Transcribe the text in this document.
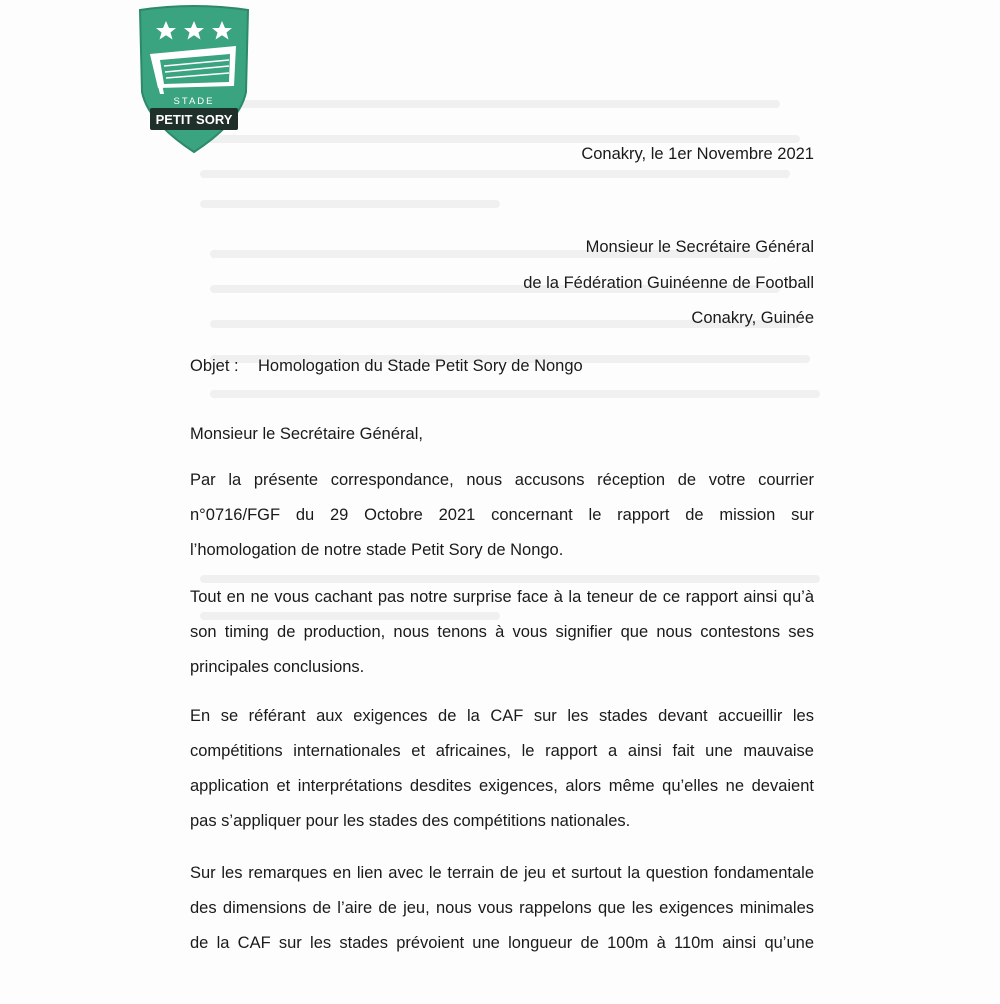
STADE
PETIT SORY
Conakry, le 1er Novembre 2021
Monsieur le Secrétaire Général
de la Fédération Guinéenne de Football
Conakry, Guinée
Objet : Homologation du Stade Petit Sory de Nongo
Monsieur le Secrétaire Général,
Par la présente correspondance, nous accusons réception de votre courrier
n°0716/FGF du 29 Octobre 2021 concernant le rapport de mission sur
l’homologation de notre stade Petit Sory de Nongo.
Tout en ne vous cachant pas notre surprise face à la teneur de ce rapport ainsi qu’à
son timing de production, nous tenons à vous signifier que nous contestons ses
principales conclusions.
En se référant aux exigences de la CAF sur les stades devant accueillir les
compétitions internationales et africaines, le rapport a ainsi fait une mauvaise
application et interprétations desdites exigences, alors même qu’elles ne devaient
pas s’appliquer pour les stades des compétitions nationales.
Sur les remarques en lien avec le terrain de jeu et surtout la question fondamentale
des dimensions de l’aire de jeu, nous vous rappelons que les exigences minimales
de la CAF sur les stades prévoient une longueur de 100m à 110m ainsi qu’une
